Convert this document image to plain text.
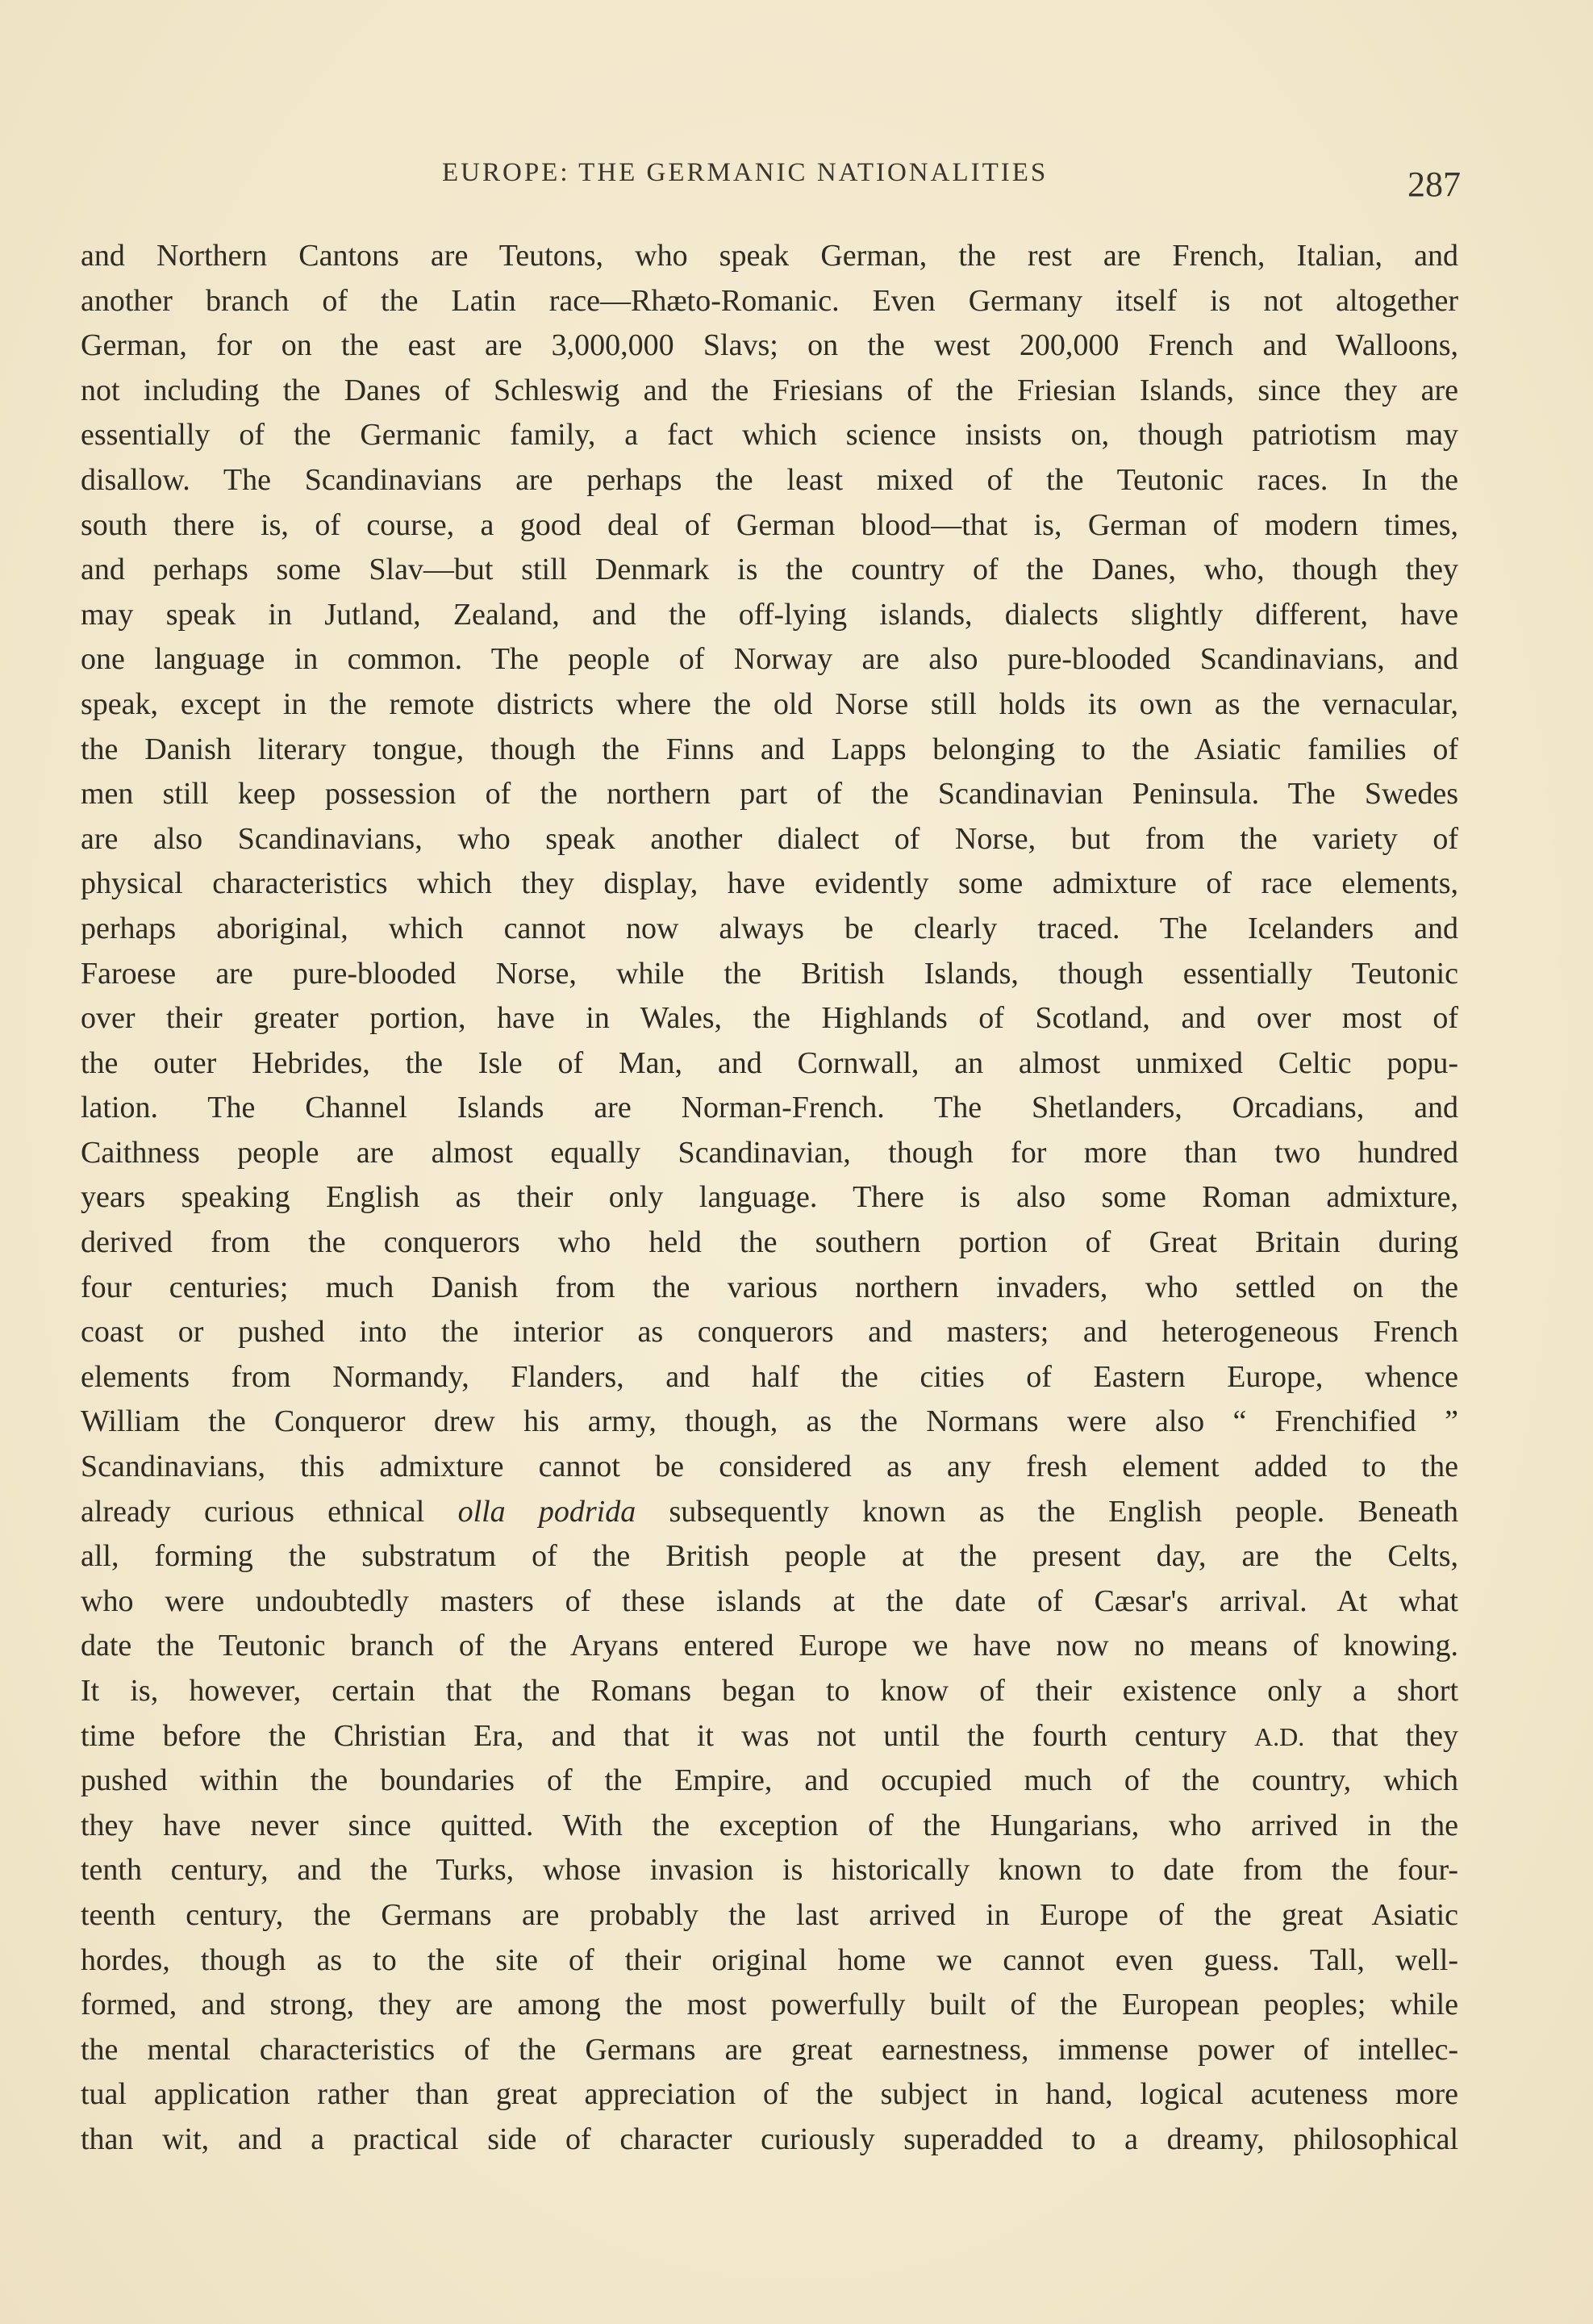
EUROPE: THE GERMANIC NATIONALITIES	287
and Northern Cantons are Teutons, who speak German, the rest are French, Italian, and
another branch of the Latin race—Rhæto-Romanic. Even Germany itself is not altogether
German, for on the east are 3,000,000 Slavs; on the west 200,000 French and Walloons,
not including the Danes of Schleswig and the Friesians of the Friesian Islands, since they are
essentially of the Germanic family, a fact which science insists on, though patriotism may
disallow. The Scandinavians are perhaps the least mixed of the Teutonic races. In the
south there is, of course, a good deal of German blood—that is, German of modern times,
and perhaps some Slav—but still Denmark is the country of the Danes, who, though they
may speak in Jutland, Zealand, and the off-lying islands, dialects slightly different, have
one language in common. The people of Norway are also pure-blooded Scandinavians, and
speak, except in the remote districts where the old Norse still holds its own as the vernacular,
the Danish literary tongue, though the Finns and Lapps belonging to the Asiatic families of
men still keep possession of the northern part of the Scandinavian Peninsula. The Swedes
are also Scandinavians, who speak another dialect of Norse, but from the variety of
physical characteristics which they display, have evidently some admixture of race elements,
perhaps aboriginal, which cannot now always be clearly traced. The Icelanders and
Faroese are pure-blooded Norse, while the British Islands, though essentially Teutonic
over their greater portion, have in Wales, the Highlands of Scotland, and over most of
the outer Hebrides, the Isle of Man, and Cornwall, an almost unmixed Celtic popu-
lation. The Channel Islands are Norman-French. The Shetlanders, Orcadians, and
Caithness people are almost equally Scandinavian, though for more than two hundred
years speaking English as their only language. There is also some Roman admixture,
derived from the conquerors who held the southern portion of Great Britain during
four centuries; much Danish from the various northern invaders, who settled on the
coast or pushed into the interior as conquerors and masters; and heterogeneous French
elements from Normandy, Flanders, and half the cities of Eastern Europe, whence
William the Conqueror drew his army, though, as the Normans were also “ Frenchified ”
Scandinavians, this admixture cannot be considered as any fresh element added to the
already curious ethnical olla podrida subsequently known as the English people. Beneath
all, forming the substratum of the British people at the present day, are the Celts,
who were undoubtedly masters of these islands at the date of Cæsar's arrival. At what
date the Teutonic branch of the Aryans entered Europe we have now no means of knowing.
It is, however, certain that the Romans began to know of their existence only a short
time before the Christian Era, and that it was not until the fourth century A.D. that they
pushed within the boundaries of the Empire, and occupied much of the country, which
they have never since quitted. With the exception of the Hungarians, who arrived in the
tenth century, and the Turks, whose invasion is historically known to date from the four-
teenth century, the Germans are probably the last arrived in Europe of the great Asiatic
hordes, though as to the site of their original home we cannot even guess. Tall, well-
formed, and strong, they are among the most powerfully built of the European peoples; while
the mental characteristics of the Germans are great earnestness, immense power of intellec-
tual application rather than great appreciation of the subject in hand, logical acuteness more
than wit, and a practical side of character curiously superadded to a dreamy, philosophical
